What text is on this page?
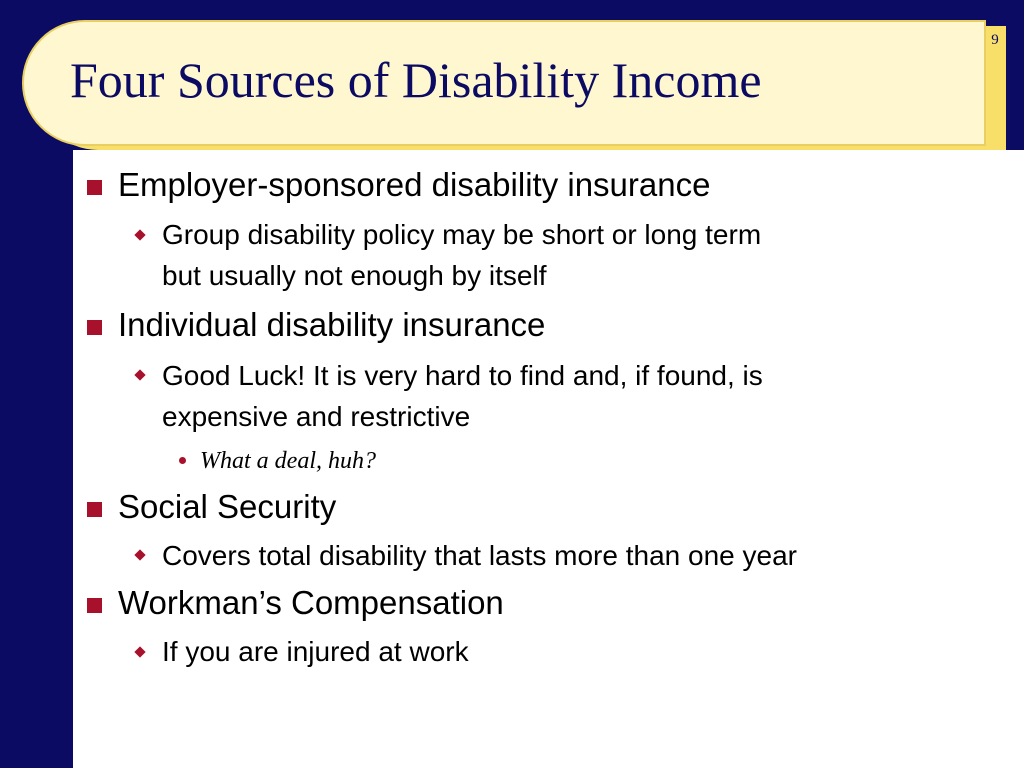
Four Sources of Disability Income
9
Employer-sponsored disability insurance
Group disability policy may be short or long term
but usually not enough by itself
Individual disability insurance
Good Luck! It is very hard to find and, if found, is
expensive and restrictive
What a deal, huh?
Social Security
Covers total disability that lasts more than one year
Workman’s Compensation
If you are injured at work
